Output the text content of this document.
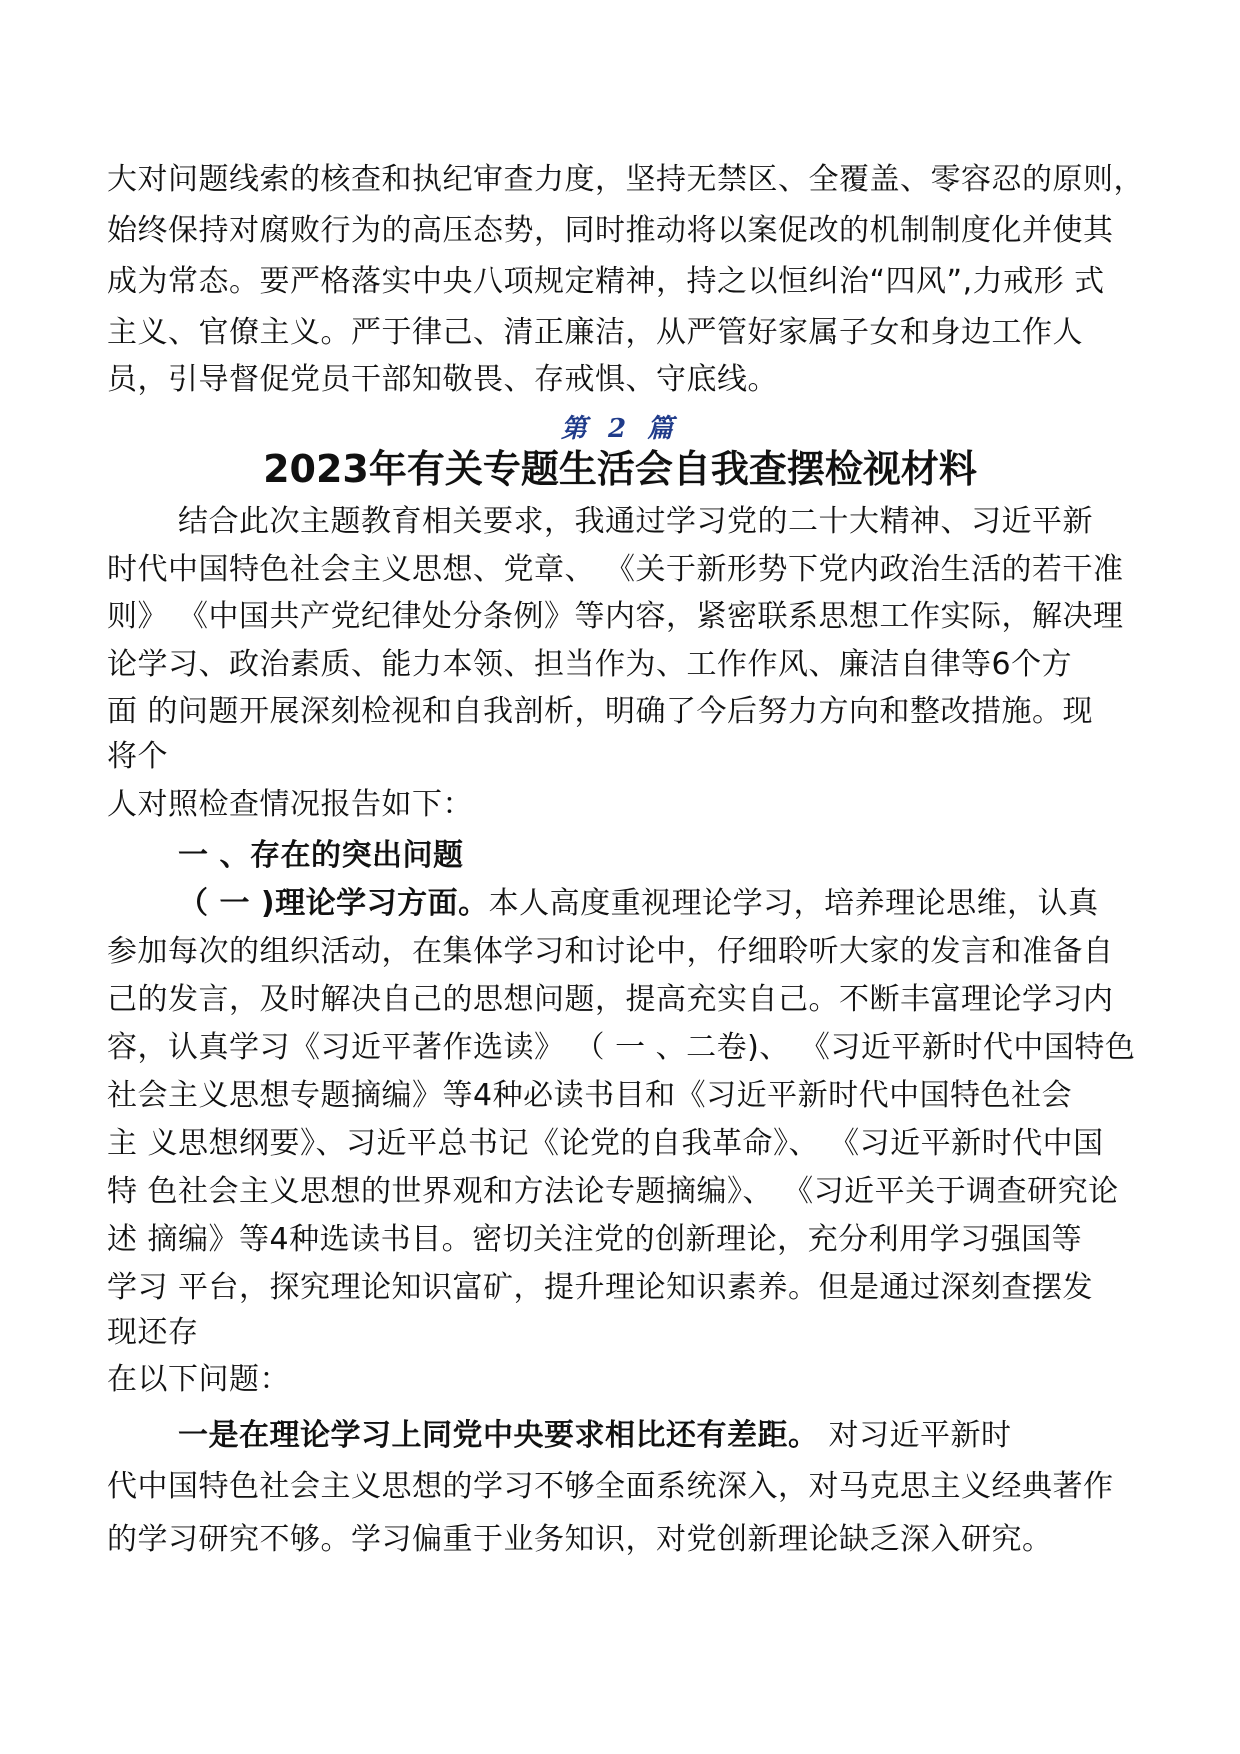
大对问题线索的核查和执纪审查力度，坚持无禁区、全覆盖、零容忍的原则，
始终保持对腐败行为的高压态势，同时推动将以案促改的机制制度化并使其
成为常态。要严格落实中央八项规定精神，持之以恒纠治“四风”,力戒形 式
主义、官僚主义。严于律己、清正廉洁，从严管好家属子女和身边工作人
员，引导督促党员干部知敬畏、存戒惧、守底线。
第 2 篇
2023年有关专题生活会自我查摆检视材料
结合此次主题教育相关要求，我通过学习党的二十大精神、习近平新
时代中国特色社会主义思想、党章、 《关于新形势下党内政治生活的若干准
则》 《中国共产党纪律处分条例》等内容，紧密联系思想工作实际，解决理
论学习、政治素质、能力本领、担当作为、工作作风、廉洁自律等6个方
面 的问题开展深刻检视和自我剖析，明确了今后努力方向和整改措施。现
将个
人对照检查情况报告如下：
一 、存在的突出问题
（ 一 )理论学习方面。本人高度重视理论学习，培养理论思维，认真
参加每次的组织活动，在集体学习和讨论中，仔细聆听大家的发言和准备自
己的发言，及时解决自己的思想问题，提高充实自己。不断丰富理论学习内
容，认真学习《习近平著作选读》 （ 一 、二卷)、 《习近平新时代中国特色
社会主义思想专题摘编》等4种必读书目和《习近平新时代中国特色社会
主 义思想纲要》、习近平总书记《论党的自我革命》、 《习近平新时代中国
特 色社会主义思想的世界观和方法论专题摘编》、 《习近平关于调查研究论
述 摘编》等4种选读书目。密切关注党的创新理论，充分利用学习强国等
学习 平台，探究理论知识富矿，提升理论知识素养。但是通过深刻查摆发
现还存
在以下问题：
一是在理论学习上同党中央要求相比还有差距。 对习近平新时
代中国特色社会主义思想的学习不够全面系统深入，对马克思主义经典著作
的学习研究不够。学习偏重于业务知识，对党创新理论缺乏深入研究。
